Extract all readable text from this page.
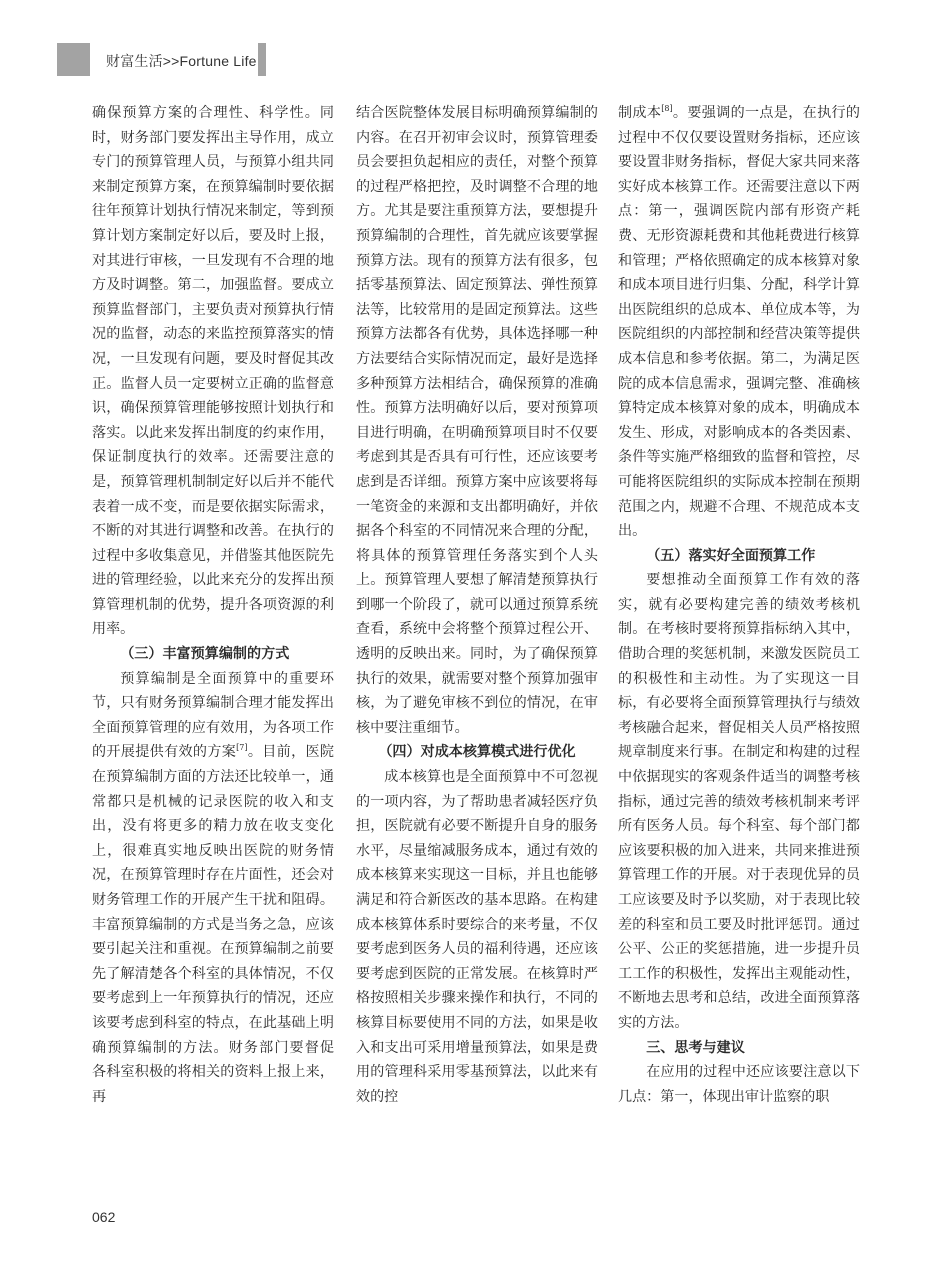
财富生活>>Fortune Life

确保预算方案的合理性、科学性。同时，财务部门要发挥出主导作用，成立专门的预算管理人员，与预算小组共同来制定预算方案，在预算编制时要依据往年预算计划执行情况来制定，等到预算计划方案制定好以后，要及时上报，对其进行审核，一旦发现有不合理的地方及时调整。第二，加强监督。要成立预算监督部门，主要负责对预算执行情况的监督，动态的来监控预算落实的情况，一旦发现有问题，要及时督促其改正。监督人员一定要树立正确的监督意识，确保预算管理能够按照计划执行和落实。以此来发挥出制度的约束作用，保证制度执行的效率。还需要注意的是，预算管理机制制定好以后并不能代表着一成不变，而是要依据实际需求，不断的对其进行调整和改善。在执行的过程中多收集意见，并借鉴其他医院先进的管理经验，以此来充分的发挥出预算管理机制的优势，提升各项资源的利用率。

（三）丰富预算编制的方式

预算编制是全面预算中的重要环节，只有财务预算编制合理才能发挥出全面预算管理的应有效用，为各项工作的开展提供有效的方案[7]。目前，医院在预算编制方面的方法还比较单一，通常都只是机械的记录医院的收入和支出，没有将更多的精力放在收支变化上，很难真实地反映出医院的财务情况，在预算管理时存在片面性，还会对财务管理工作的开展产生干扰和阻碍。丰富预算编制的方式是当务之急，应该要引起关注和重视。在预算编制之前要先了解清楚各个科室的具体情况，不仅要考虑到上一年预算执行的情况，还应该要考虑到科室的特点，在此基础上明确预算编制的方法。财务部门要督促 各科室积极的将相关的资料上报上来，再

结合医院整体发展目标明确预算编制的内容。在召开初审会议时，预算管理委员会要担负起相应的责任，对整个预算的过程严格把控，及时调整不合理的地方。尤其是要注重预算方法，要想提升预算编制的合理性，首先就应该要掌握预算方法。现有的预算方法有很多，包括零基预算法、固定预算法、弹性预算法等，比较常用的是固定预算法。这些预算方法都各有优势，具体选择哪一种方法要结合实际情况而定，最好是选择多种预算方法相结合，确保预算的准确性。预算方法明确好以后，要对预算项目进行明确，在明确预算项目时不仅要考虑到其是否具有可行性，还应该要考虑到是否详细。预算方案中应该要将每一笔资金的来源和支出都明确好，并依据各个科室的不同情况来合理的分配，将具体的预算管理任务落实到个人头上。预算管理人要想了解清楚预算执行到哪一个阶段了，就可以通过预算系统查看，系统中会将整个预算过程公开、透明的反映出来。同时，为了确保预算执行的效果，就需要对整个预算加强审核，为了避免审核不到位的情况，在审核中要注重细节。

（四）对成本核算模式进行优化

成本核算也是全面预算中不可忽视的一项内容，为了帮助患者减轻医疗负担，医院就有必要不断提升自身的服务水平，尽量缩减服务成本，通过有效的成本核算来实现这一目标，并且也能够满足和符合新医改的基本思路。在构建成本核算体系时要综合的来考量，不仅要考虑到医务人员的福利待遇，还应该要考虑到医院的正常发展。在核算时严格按照相关步骤来操作和执行，不同的核算目标要使用不同的方法，如果是收入和支出可采用增量预算法，如果是费用的管理科采用零基预算法，以此来有效的控

制成本[8]。要强调的一点是，在执行的过程中不仅仅要设置财务指标，还应该要设置非财务指标，督促大家共同来落实好成本核算工作。还需要注意以下两点：第一，强调医院内部有形资产耗费、无形资源耗费和其他耗费进行核算和管理；严格依照确定的成本核算对象和成本项目进行归集、分配，科学计算出医院组织的总成本、单位成本等，为医院组织的内部控制和经营决策等提供成本信息和参考依据。第二，为满足医院的成本信息需求，强调完整、准确核算特定成本核算对象的成本，明确成本发生、形成，对影响成本的各类因素、条件等实施严格细致的监督和管控，尽可能将医院组织的实际成本控制在预期范围之内，规避不合理、不规范成本支出。

（五）落实好全面预算工作

要想推动全面预算工作有效的落实，就有必要构建完善的绩效考核机制。在考核时要将预算指标纳入其中，借助合理的奖惩机制，来激发医院员工的积极性和主动性。为了实现这一目标，有必要将全面预算管理执行与绩效考核融合起来，督促相关人员严格按照规章制度来行事。在制定和构建的过程中依据现实的客观条件适当的调整考核指标，通过完善的绩效考核机制来考评所有医务人员。每个科室、每个部门都应该要积极的加入进来，共同来推进预算管理工作的开展。对于表现优异的员工应该要及时予以奖励，对于表现比较差的科室和员工要及时批评惩罚。通过公平、公正的奖惩措施，进一步提升员工工作的积极性，发挥出主观能动性，不断地去思考和总结，改进全面预算落实的方法。

三、思考与建议

在应用的过程中还应该要注意以下几点：第一，体现出审计监察的职

062
